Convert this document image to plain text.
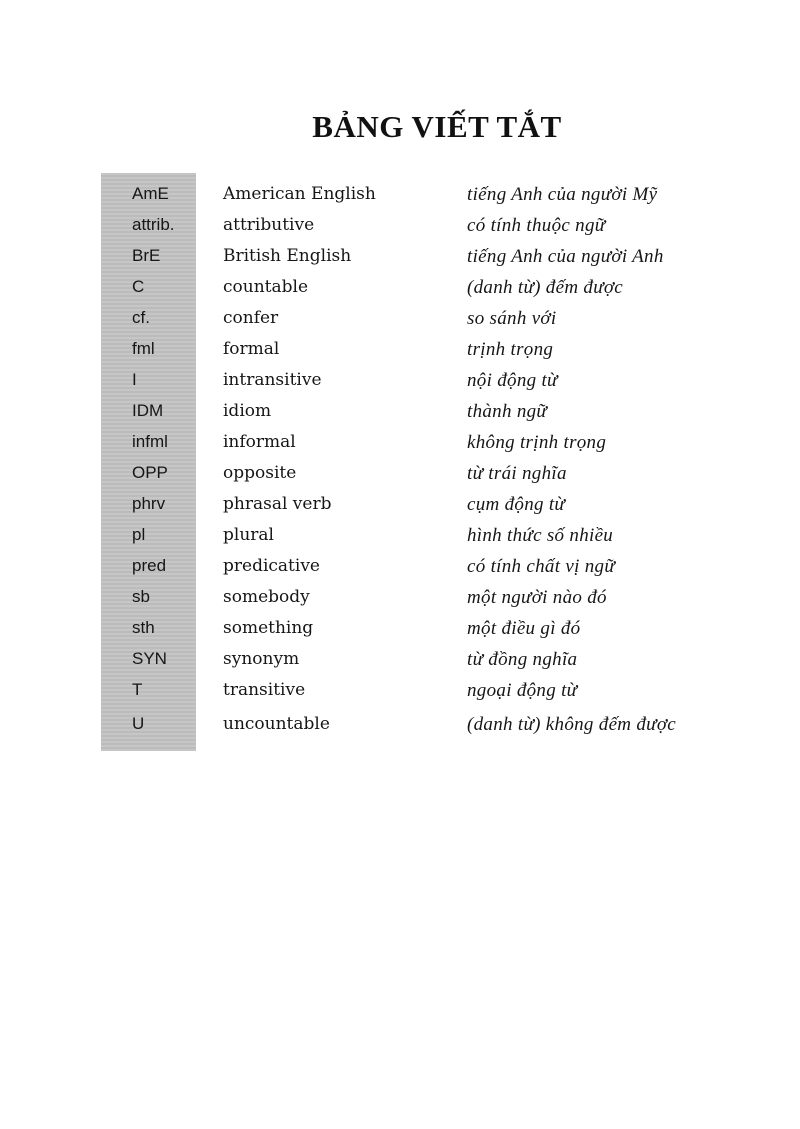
BẢNG VIẾT TẮT
AmE	American English	tiếng Anh của người Mỹ
attrib.	attributive	có tính thuộc ngữ
BrE	British English	tiếng Anh của người Anh
C	countable	(danh từ) đếm được
cf.	confer	so sánh với
fml	formal	trịnh trọng
I	intransitive	nội động từ
IDM	idiom	thành ngữ
infml	informal	không trịnh trọng
OPP	opposite	từ trái nghĩa
phrv	phrasal verb	cụm động từ
pl	plural	hình thức số nhiều
pred	predicative	có tính chất vị ngữ
sb	somebody	một người nào đó
sth	something	một điều gì đó
SYN	synonym	từ đồng nghĩa
T	transitive	ngoại động từ
U	uncountable	(danh từ) không đếm được
